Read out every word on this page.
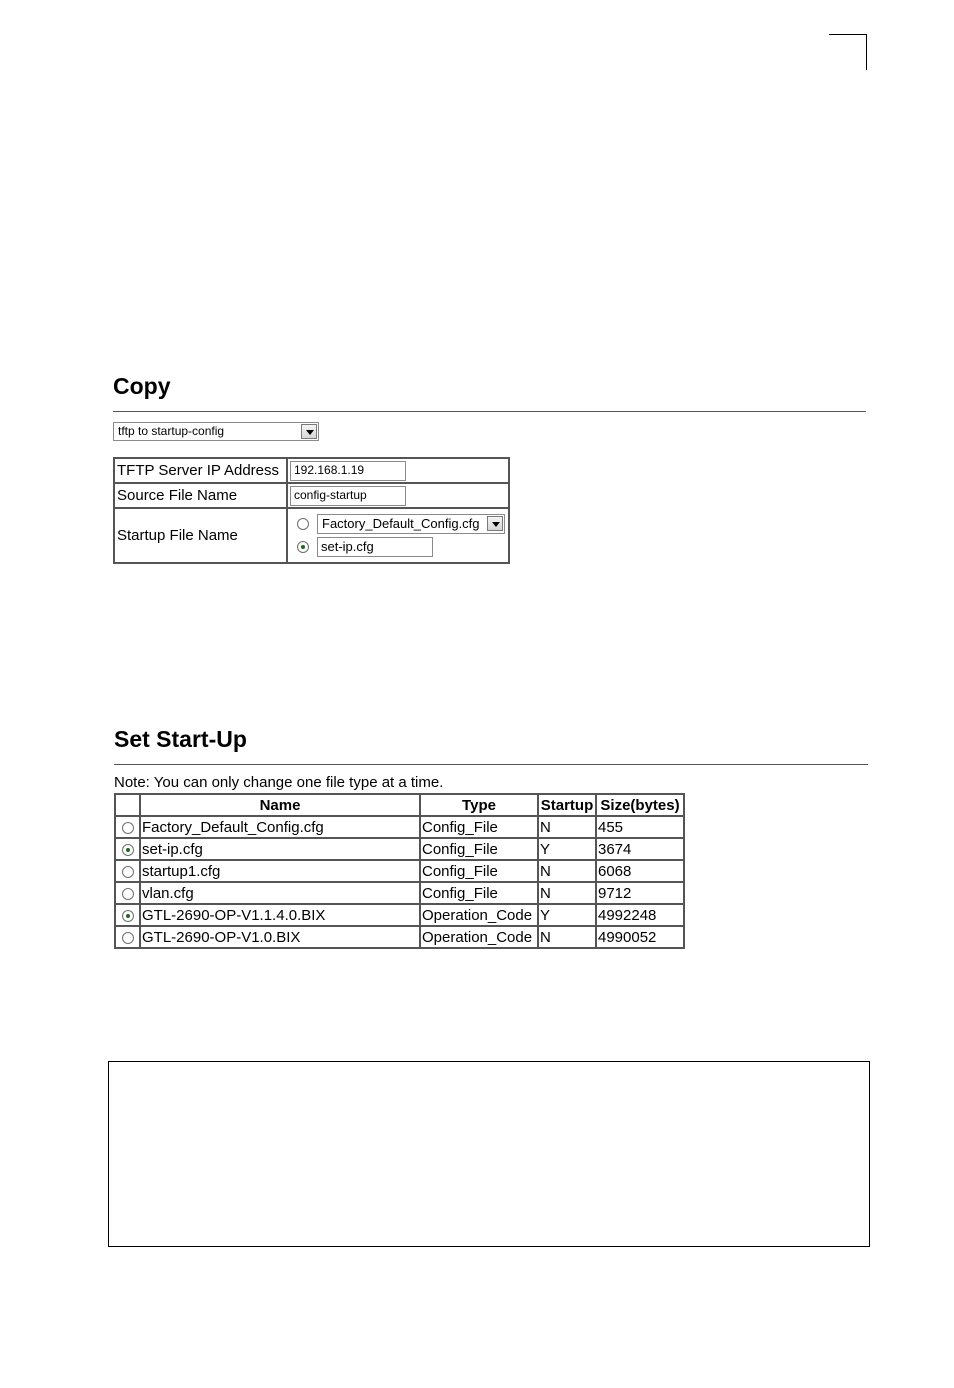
Copy
tftp to startup-config
TFTP Server IP Address	192.168.1.19

Source File Name	config-startup

Startup File Name	Factory_Default_Config.cfg
set-ip.cfg
Set Start-Up
Note: You can only change one file type at a time.
	Name	Type	Startup	Size(bytes)
	Factory_Default_Config.cfg	Config_File	N	455
	set-ip.cfg	Config_File	Y	3674
	startup1.cfg	Config_File	N	6068
	vlan.cfg	Config_File	N	9712
	GTL-2690-OP-V1.1.4.0.BIX	Operation_Code	Y	4992248
	GTL-2690-OP-V1.0.BIX	Operation_Code	N	4990052
